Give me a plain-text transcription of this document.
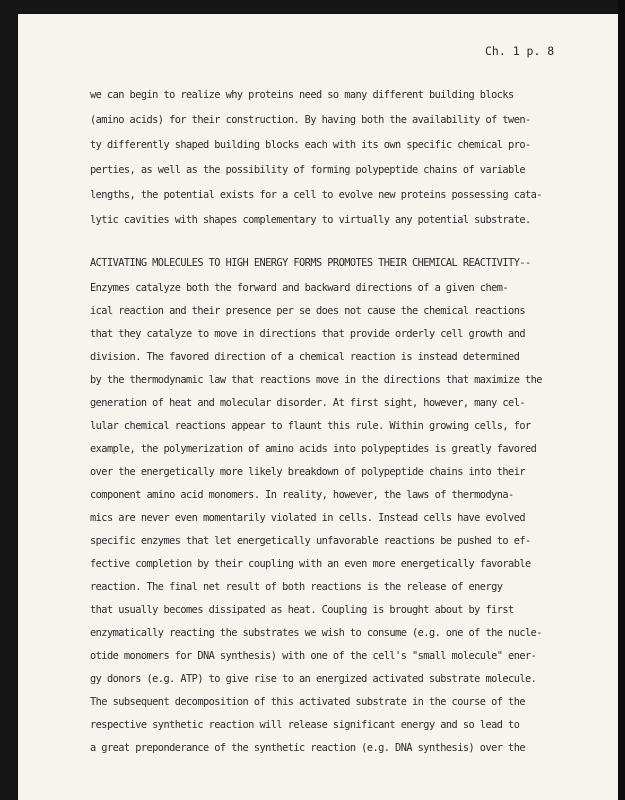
Ch. 1 p. 8
we can begin to realize why proteins need so many different building blocks
(amino acids) for their construction. By having both the availability of twen-
ty differently shaped building blocks each with its own specific chemical pro-
perties, as well as the possibility of forming polypeptide chains of variable
lengths, the potential exists for a cell to evolve new proteins possessing cata-
lytic cavities with shapes complementary to virtually any potential substrate.
ACTIVATING MOLECULES TO HIGH ENERGY FORMS PROMOTES THEIR CHEMICAL REACTIVITY--
Enzymes catalyze both the forward and backward directions of a given chem-
ical reaction and their presence per se does not cause the chemical reactions
that they catalyze to move in directions that provide orderly cell growth and
division. The favored direction of a chemical reaction is instead determined
by the thermodynamic law that reactions move in the directions that maximize the
generation of heat and molecular disorder. At first sight, however, many cel-
lular chemical reactions appear to flaunt this rule. Within growing cells, for
example, the polymerization of amino acids into polypeptides is greatly favored
over the energetically more likely breakdown of polypeptide chains into their
component amino acid monomers. In reality, however, the laws of thermodyna-
mics are never even momentarily violated in cells. Instead cells have evolved
specific enzymes that let energetically unfavorable reactions be pushed to ef-
fective completion by their coupling with an even more energetically favorable
reaction. The final net result of both reactions is the release of energy
that usually becomes dissipated as heat. Coupling is brought about by first
enzymatically reacting the substrates we wish to consume (e.g. one of the nucle-
otide monomers for DNA synthesis) with one of the cell's "small molecule" ener-
gy donors (e.g. ATP) to give rise to an energized activated substrate molecule.
The subsequent decomposition of this activated substrate in the course of the
respective synthetic reaction will release significant energy and so lead to
a great preponderance of the synthetic reaction (e.g. DNA synthesis) over the
